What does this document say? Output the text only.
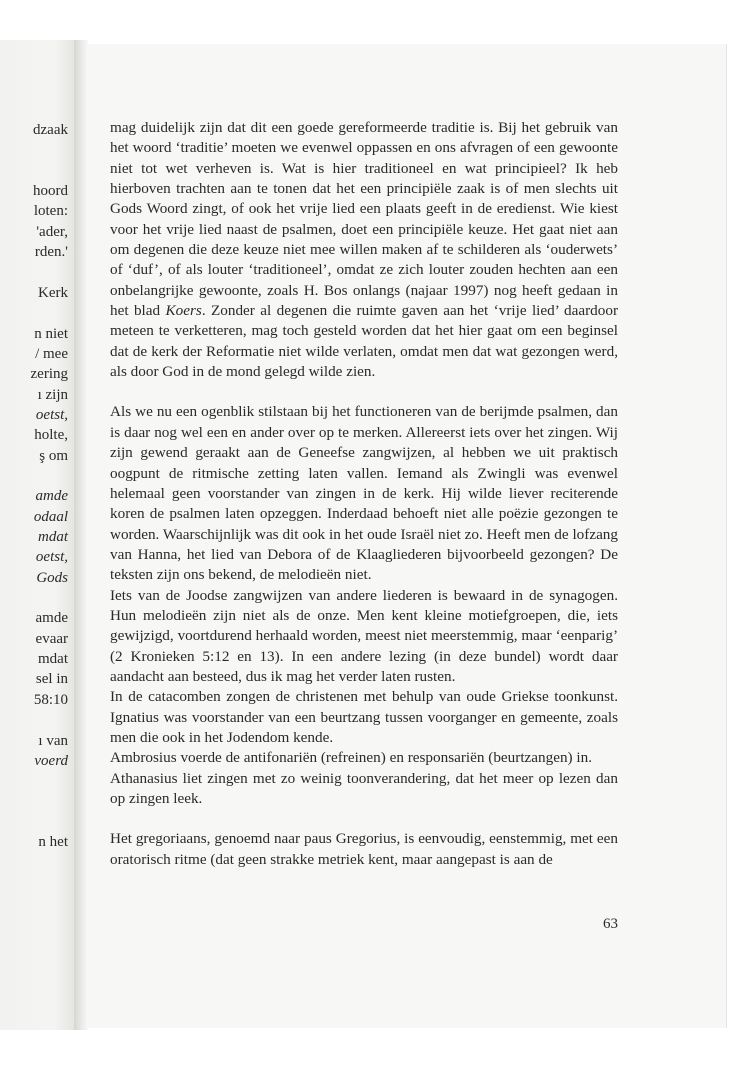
dzaak
hoord
loten:
'ader,
rden.'
Kerk
n niet
/ mee
zering
ı zijn
oetst,
holte,
ş om
amde
odaal
mdat
oetst,
Gods
amde
evaar
mdat
sel in
58:10
ı van
voerd
n het

mag duidelijk zijn dat dit een goede gereformeerde traditie is. Bij het gebruik van het woord ‘traditie’ moeten we evenwel oppassen en ons afvragen of een gewoonte niet tot wet verheven is. Wat is hier traditioneel en wat principieel? Ik heb hierboven trachten aan te tonen dat het een principiële zaak is of men slechts uit Gods Woord zingt, of ook het vrije lied een plaats geeft in de eredienst. Wie kiest voor het vrije lied naast de psalmen, doet een principiële keuze. Het gaat niet aan om degenen die deze keuze niet mee willen maken af te schilderen als ‘ouderwets’ of ‘duf’, of als louter ‘traditioneel’, omdat ze zich louter zouden hechten aan een onbelangrijke gewoonte, zoals H. Bos onlangs (najaar 1997) nog heeft gedaan in het blad Koers. Zonder al degenen die ruimte gaven aan het ‘vrije lied’ daardoor meteen te verketteren, mag toch gesteld worden dat het hier gaat om een beginsel dat de kerk der Reformatie niet wilde verlaten, omdat men dat wat gezongen werd, als door God in de mond gelegd wilde zien.

Als we nu een ogenblik stilstaan bij het functioneren van de berijmde psalmen, dan is daar nog wel een en ander over op te merken. Allereerst iets over het zingen. Wij zijn gewend geraakt aan de Geneefse zangwijzen, al hebben we uit praktisch oogpunt de ritmische zetting laten vallen. Iemand als Zwingli was evenwel helemaal geen voorstander van zingen in de kerk. Hij wilde liever reciterende koren de psalmen laten opzeggen. Inderdaad behoeft niet alle poëzie gezongen te worden. Waarschijnlijk was dit ook in het oude Israël niet zo. Heeft men de lofzang van Hanna, het lied van Debora of de Klaagliederen bijvoorbeeld gezongen? De teksten zijn ons bekend, de melodieën niet.

Iets van de Joodse zangwijzen van andere liederen is bewaard in de synagogen. Hun melodieën zijn niet als de onze. Men kent kleine motiefgroepen, die, iets gewijzigd, voortdurend herhaald worden, meest niet meerstemmig, maar ‘eenparig’ (2 Kronieken 5:12 en 13). In een andere lezing (in deze bundel) wordt daar aandacht aan besteed, dus ik mag het verder laten rusten.

In de catacomben zongen de christenen met behulp van oude Griekse toonkunst. Ignatius was voorstander van een beurtzang tussen voorganger en gemeente, zoals men die ook in het Jodendom kende.

Ambrosius voerde de antifonariën (refreinen) en responsariën (beurtzangen) in.

Athanasius liet zingen met zo weinig toonverandering, dat het meer op lezen dan op zingen leek.

Het gregoriaans, genoemd naar paus Gregorius, is eenvoudig, eenstemmig, met een oratorisch ritme (dat geen strakke metriek kent, maar aangepast is aan de

63
